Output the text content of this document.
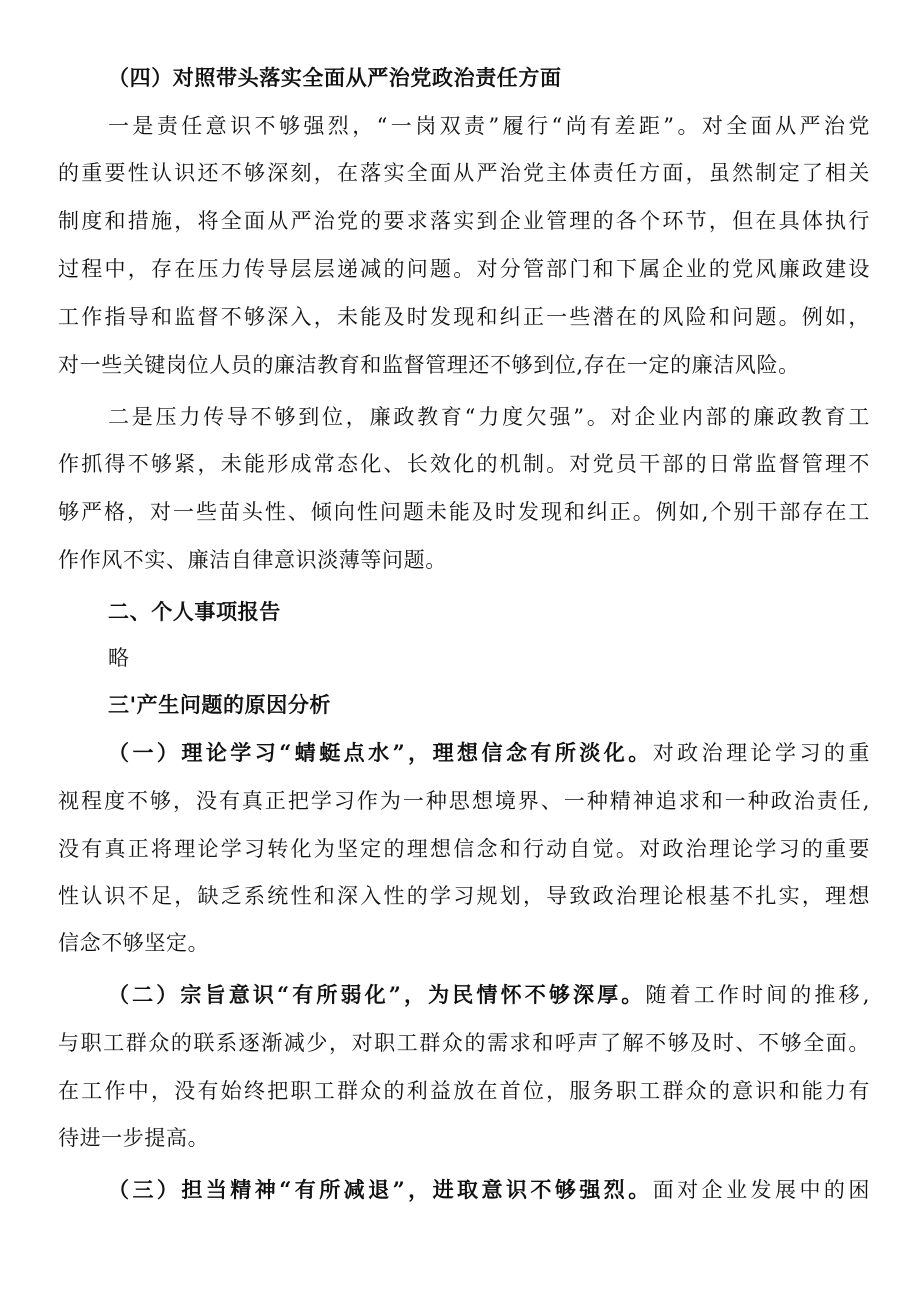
（四）对照带头落实全面从严治党政治责任方面
一是责任意识不够强烈，“一岗双责”履行“尚有差距”。对全面从严治党
的重要性认识还不够深刻，在落实全面从严治党主体责任方面，虽然制定了相关
制度和措施，将全面从严治党的要求落实到企业管理的各个环节，但在具体执行
过程中，存在压力传导层层递减的问题。对分管部门和下属企业的党风廉政建设
工作指导和监督不够深入，未能及时发现和纠正一些潜在的风险和问题。例如，
对一些关键岗位人员的廉洁教育和监督管理还不够到位,存在一定的廉洁风险。
二是压力传导不够到位，廉政教育“力度欠强”。对企业内部的廉政教育工
作抓得不够紧，未能形成常态化、长效化的机制。对党员干部的日常监督管理不
够严格，对一些苗头性、倾向性问题未能及时发现和纠正。例如,个别干部存在工
作作风不实、廉洁自律意识淡薄等问题。
二、个人事项报告
略
三'产生问题的原因分析
（一）理论学习“蜻蜓点水”，理想信念有所淡化。对政治理论学习的重
视程度不够，没有真正把学习作为一种思想境界、一种精神追求和一种政治责任,
没有真正将理论学习转化为坚定的理想信念和行动自觉。对政治理论学习的重要
性认识不足，缺乏系统性和深入性的学习规划，导致政治理论根基不扎实，理想
信念不够坚定。
（二）宗旨意识“有所弱化”，为民情怀不够深厚。随着工作时间的推移,
与职工群众的联系逐渐减少，对职工群众的需求和呼声了解不够及时、不够全面。
在工作中，没有始终把职工群众的利益放在首位，服务职工群众的意识和能力有
待进一步提高。
（三）担当精神“有所减退”，进取意识不够强烈。面对企业发展中的困
